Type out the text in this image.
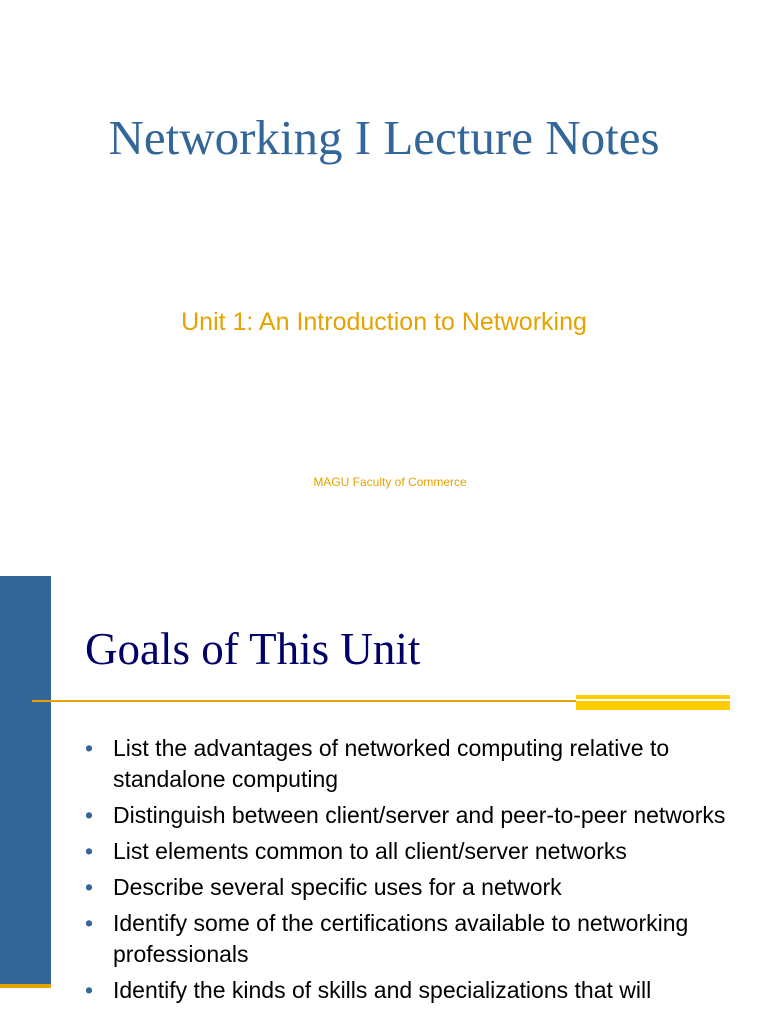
Networking I Lecture Notes
Unit 1: An Introduction to Networking
MAGU Faculty of Commerce
Goals of This Unit
• List the advantages of networked computing relative to standalone computing
• Distinguish between client/server and peer-to-peer networks
• List elements common to all client/server networks
• Describe several specific uses for a network
• Identify some of the certifications available to networking professionals
• Identify the kinds of skills and specializations that will
